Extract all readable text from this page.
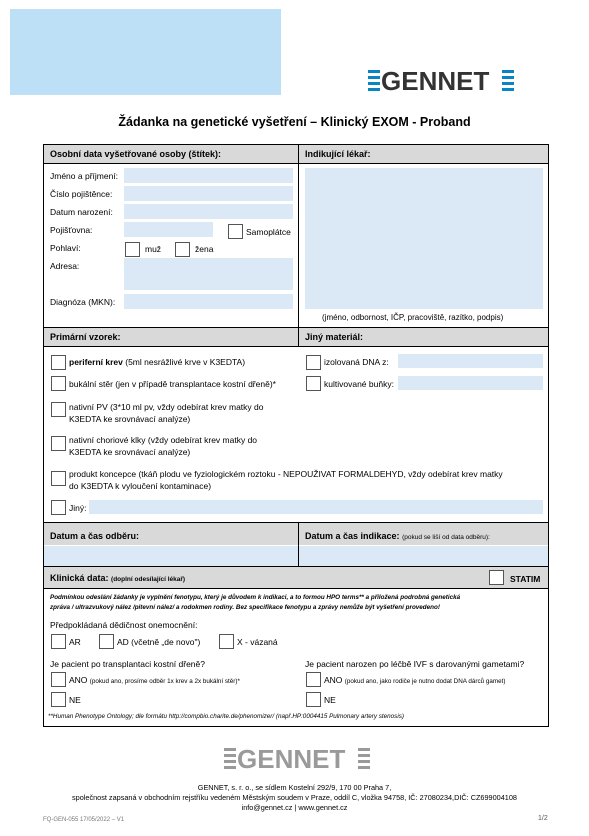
GENNET
Žádanka na genetické vyšetření – Klinický EXOM - Proband
Osobní data vyšetřované osoby (štítek):	Indikující lékař:
Jméno a příjmení:
Číslo pojištěnce:
Datum narození:
Pojišťovna:	Samoplátce
Pohlaví:	muž	žena
Adresa:
Diagnóza (MKN):
(jméno, odbornost, IČP, pracoviště, razítko, podpis)
Primární vzorek:	Jiný materiál:
periferní krev (5ml nesrážlivé krve v K3EDTA)
bukální stěr (jen v případě transplantace kostní dřeně)*
nativní PV (3*10 ml pv, vždy odebírat krev matky do
K3EDTA ke srovnávací analýze)
nativní choriové klky (vždy odebírat krev matky do
K3EDTA ke srovnávací analýze)
produkt koncepce (tkáň plodu ve fyziologickém roztoku - NEPOUŽIVAT FORMALDEHYD, vždy odebírat krev matky
do K3EDTA k vyloučení kontaminace)
Jiný:
izolovaná DNA z:
kultivované buňky:
Datum a čas odběru:	Datum a čas indikace: (pokud se liší od data odběru):
Klinická data: (doplní odesílající lékař)	STATIM
Podmínkou odeslání žádanky je vyplnění fenotypu, který je důvodem k indikaci, a to formou HPO terms** a přiložená podrobná genetická
zpráva / ultrazvukový nález /pitevní nález/ a rodokmen rodiny. Bez specifikace fenotypu a zprávy nemůže být vyšetření provedeno!
Předpokládaná dědičnost onemocnění:
AR	AD (včetně „de novo")	X - vázaná
Je pacient po transplantaci kostní dřeně?
ANO (pokud ano, prosíme odběr 1x krev a 2x bukální stěr)*
NE
Je pacient narozen po léčbě IVF s darovanými gametami?
ANO (pokud ano, jako rodiče je nutno dodat DNA dárců gamet)
NE
**Human Phenotype Ontology; dle formátu http://compbio.charite.de/phenomizer/ (např.HP:0004415 Pulmonary artery stenosis)
GENNET
GENNET, s. r. o., se sídlem Kostelní 292/9, 170 00 Praha 7,
společnost zapsaná v obchodním rejstříku vedeném Městským soudem v Praze, oddíl C, vložka 94758, IČ: 27080234,DIČ: CZ699004108
info@gennet.cz | www.gennet.cz
FQ-GEN-055 17/05/2022 – V1	1/2
